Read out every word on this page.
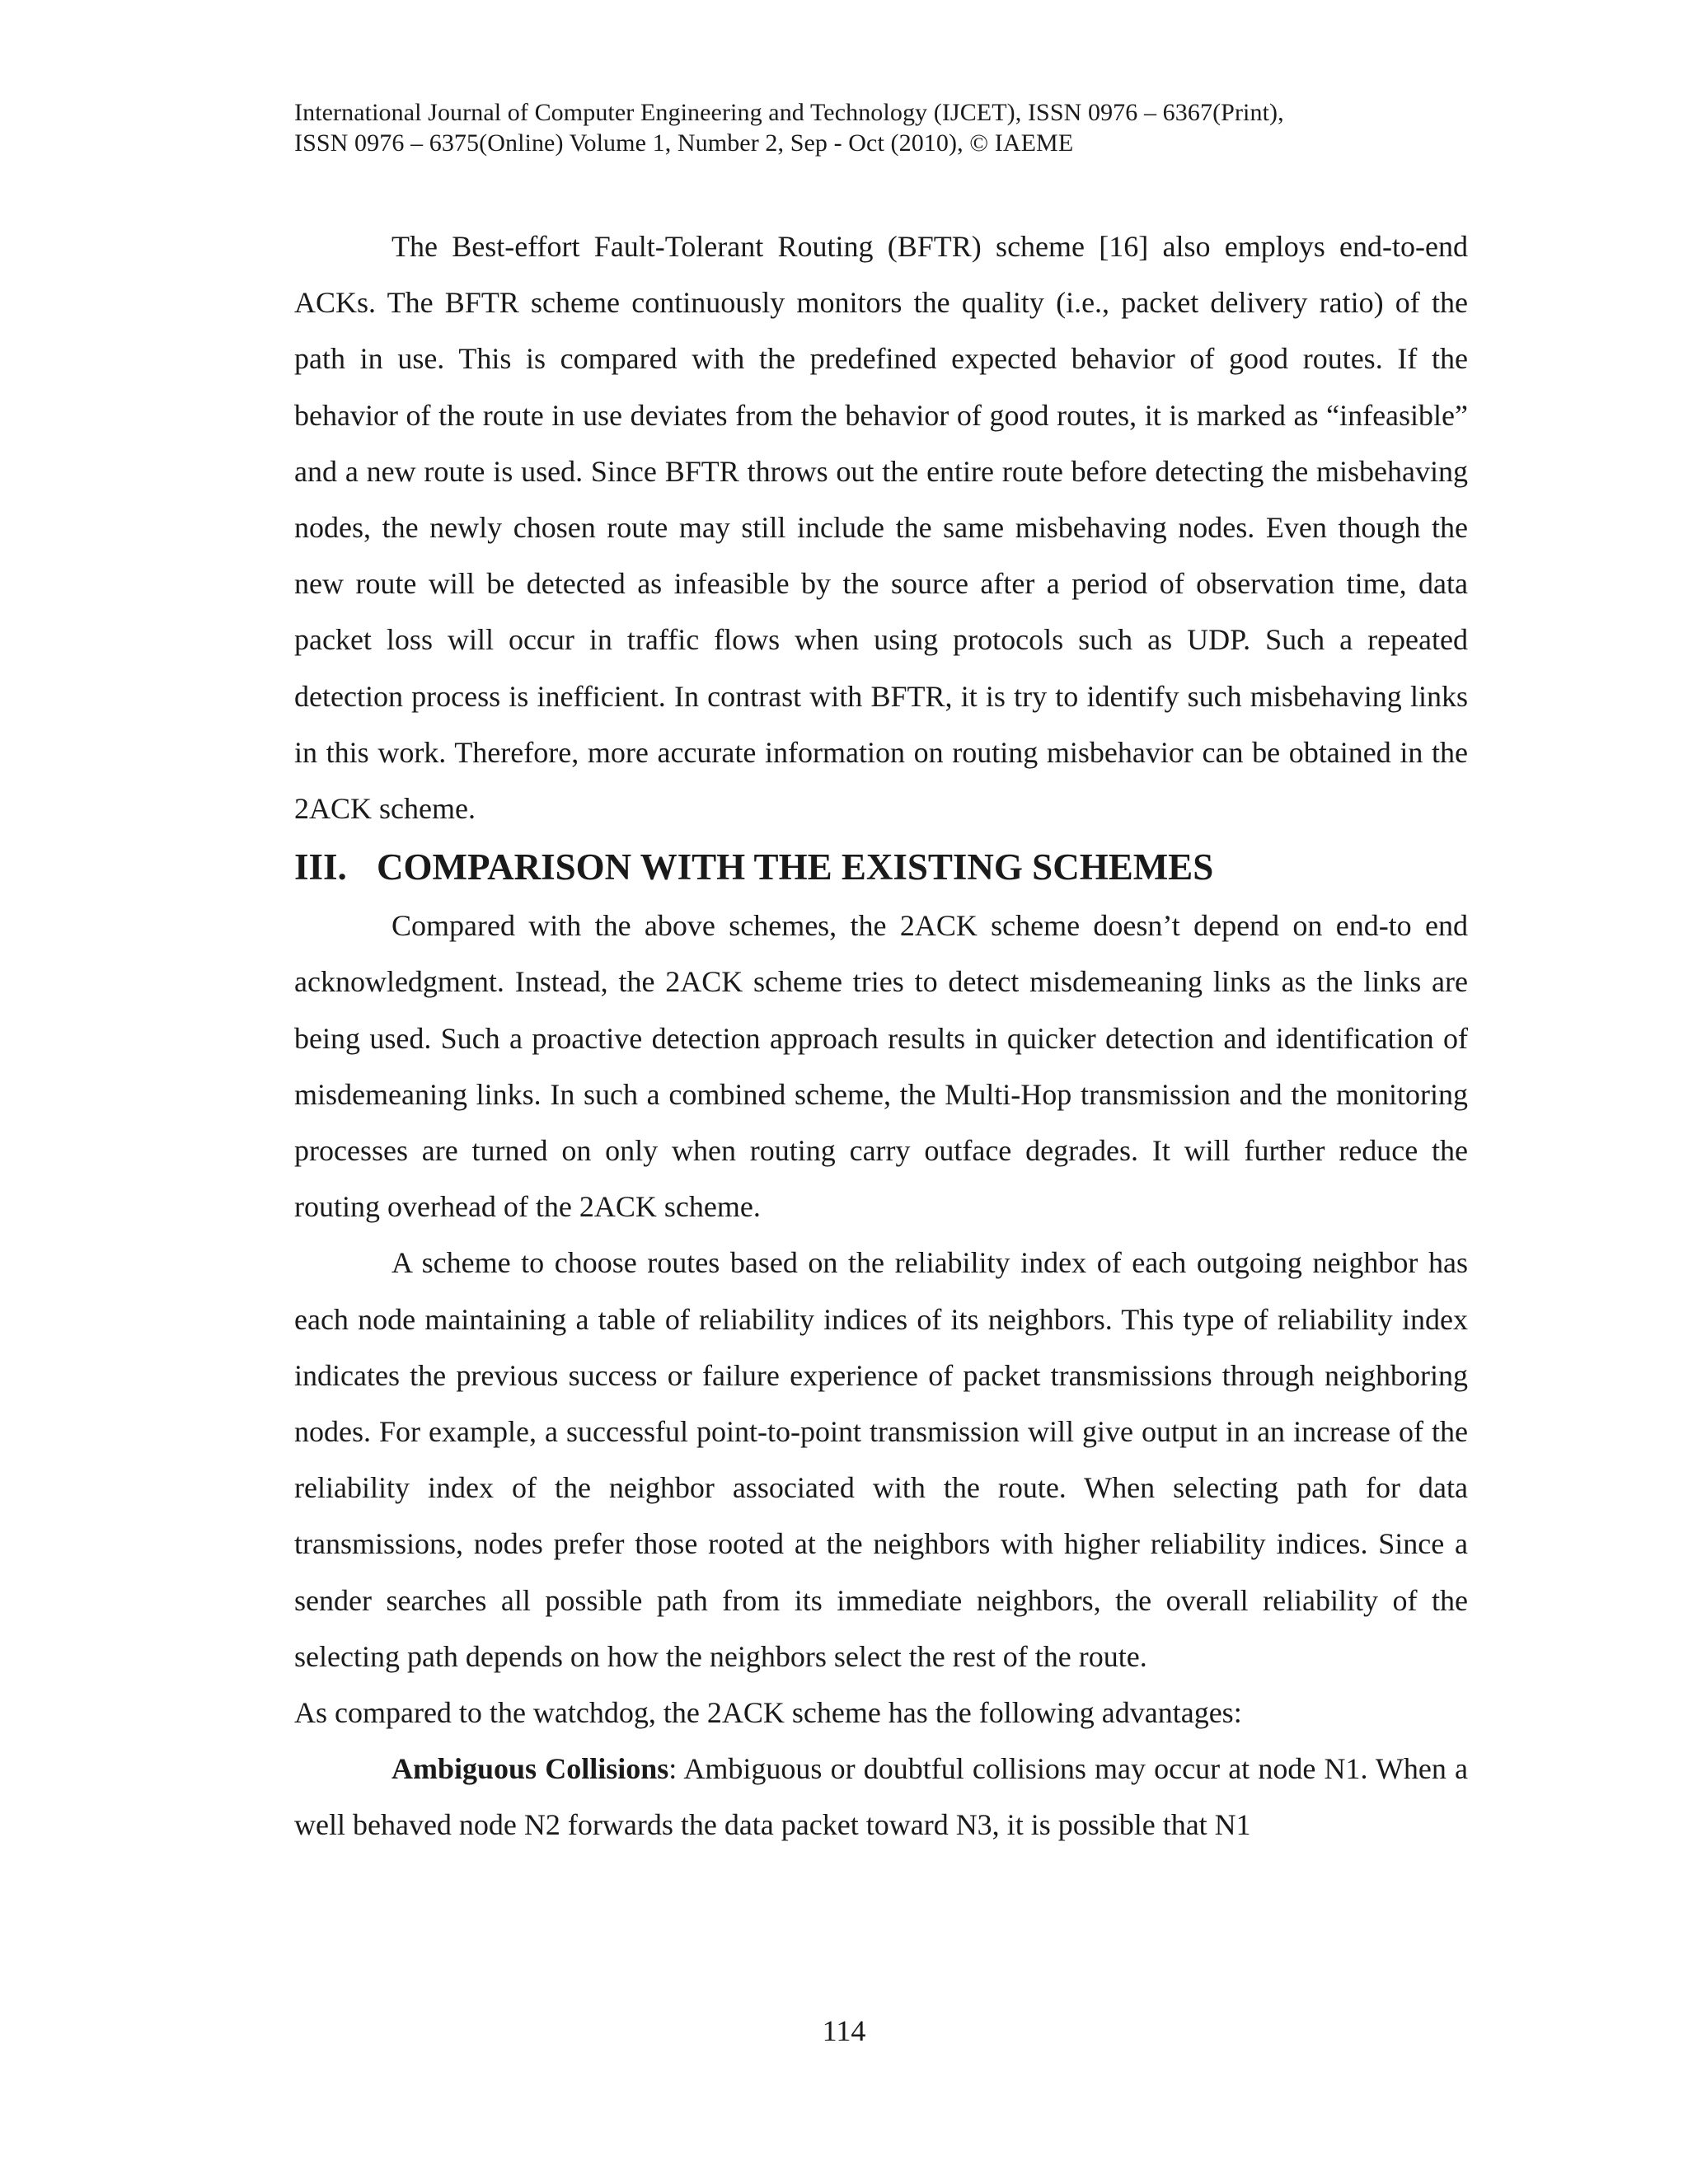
International Journal of Computer Engineering and Technology (IJCET), ISSN 0976 – 6367(Print),
ISSN 0976 – 6375(Online) Volume 1, Number 2, Sep - Oct (2010), © IAEME

The Best-effort Fault-Tolerant Routing (BFTR) scheme [16] also employs end-to-end ACKs. The BFTR scheme continuously monitors the quality (i.e., packet delivery ratio) of the path in use. This is compared with the predefined expected behavior of good routes. If the behavior of the route in use deviates from the behavior of good routes, it is marked as “infeasible” and a new route is used. Since BFTR throws out the entire route before detecting the misbehaving nodes, the newly chosen route may still include the same misbehaving nodes. Even though the new route will be detected as infeasible by the source after a period of observation time, data packet loss will occur in traffic flows when using protocols such as UDP. Such a repeated detection process is inefficient. In contrast with BFTR, it is try to identify such misbehaving links in this work. Therefore, more accurate information on routing misbehavior can be obtained in the 2ACK scheme.

III. COMPARISON WITH THE EXISTING SCHEMES

Compared with the above schemes, the 2ACK scheme doesn’t depend on end-to end acknowledgment. Instead, the 2ACK scheme tries to detect misdemeaning links as the links are being used. Such a proactive detection approach results in quicker detection and identification of misdemeaning links. In such a combined scheme, the Multi-Hop transmission and the monitoring processes are turned on only when routing carry outface degrades. It will further reduce the routing overhead of the 2ACK scheme.

A scheme to choose routes based on the reliability index of each outgoing neighbor has each node maintaining a table of reliability indices of its neighbors. This type of reliability index indicates the previous success or failure experience of packet transmissions through neighboring nodes. For example, a successful point-to-point transmission will give output in an increase of the reliability index of the neighbor associated with the route. When selecting path for data transmissions, nodes prefer those rooted at the neighbors with higher reliability indices. Since a sender searches all possible path from its immediate neighbors, the overall reliability of the selecting path depends on how the neighbors select the rest of the route.

As compared to the watchdog, the 2ACK scheme has the following advantages:

Ambiguous Collisions: Ambiguous or doubtful collisions may occur at node N1. When a well behaved node N2 forwards the data packet toward N3, it is possible that N1

114
